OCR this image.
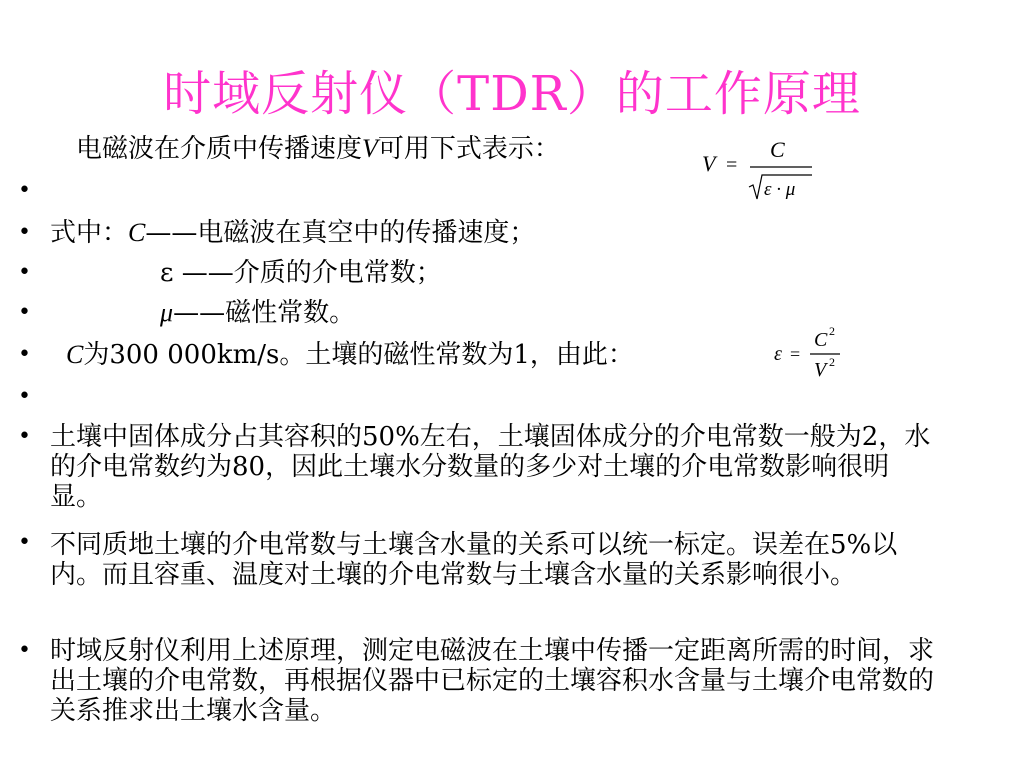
时域反射仪（TDR）的工作原理
电磁波在介质中传播速度V可用下式表示：	V =
C
ε · μ
•
• 式中：C——电磁波在真空中的传播速度；
•	ε ——介质的介电常数；
•	μ——磁性常数。
• C为300 000km/s。土壤的磁性常数为1，由此：	ε =
C 2
V 2
•
• 土壤中固体成分占其容积的50%左右，土壤固体成分的介电常数一般为2，水的介电常数约为80，因此土壤水分数量的多少对土壤的介电常数影响很明显。
• 不同质地土壤的介电常数与土壤含水量的关系可以统一标定。误差在5%以内。而且容重、温度对土壤的介电常数与土壤含水量的关系影响很小。
• 时域反射仪利用上述原理，测定电磁波在土壤中传播一定距离所需的时间，求出土壤的介电常数，再根据仪器中已标定的土壤容积水含量与土壤介电常数的关系推求出土壤水含量。
